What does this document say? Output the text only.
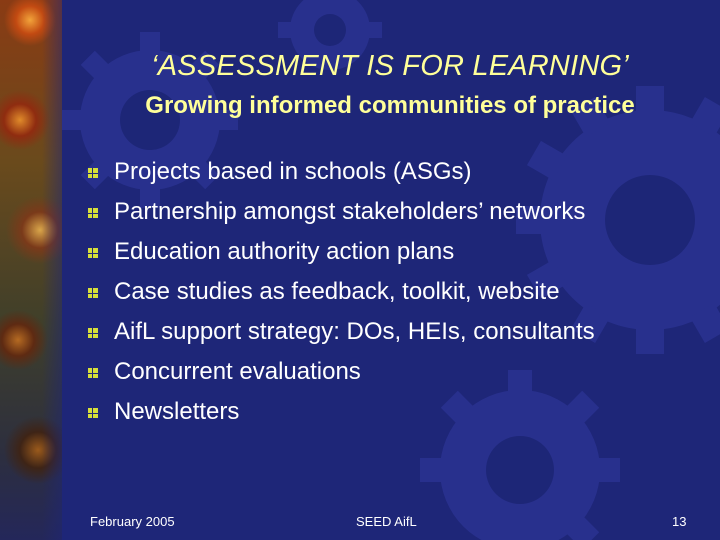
‘ASSESSMENT IS FOR LEARNING’
Growing informed communities of practice
Projects based in schools (ASGs)
Partnership amongst stakeholders’ networks
Education authority action plans
Case studies as feedback, toolkit, website
AifL support strategy: DOs, HEIs, consultants
Concurrent evaluations
Newsletters
February 2005	SEED AifL	13
